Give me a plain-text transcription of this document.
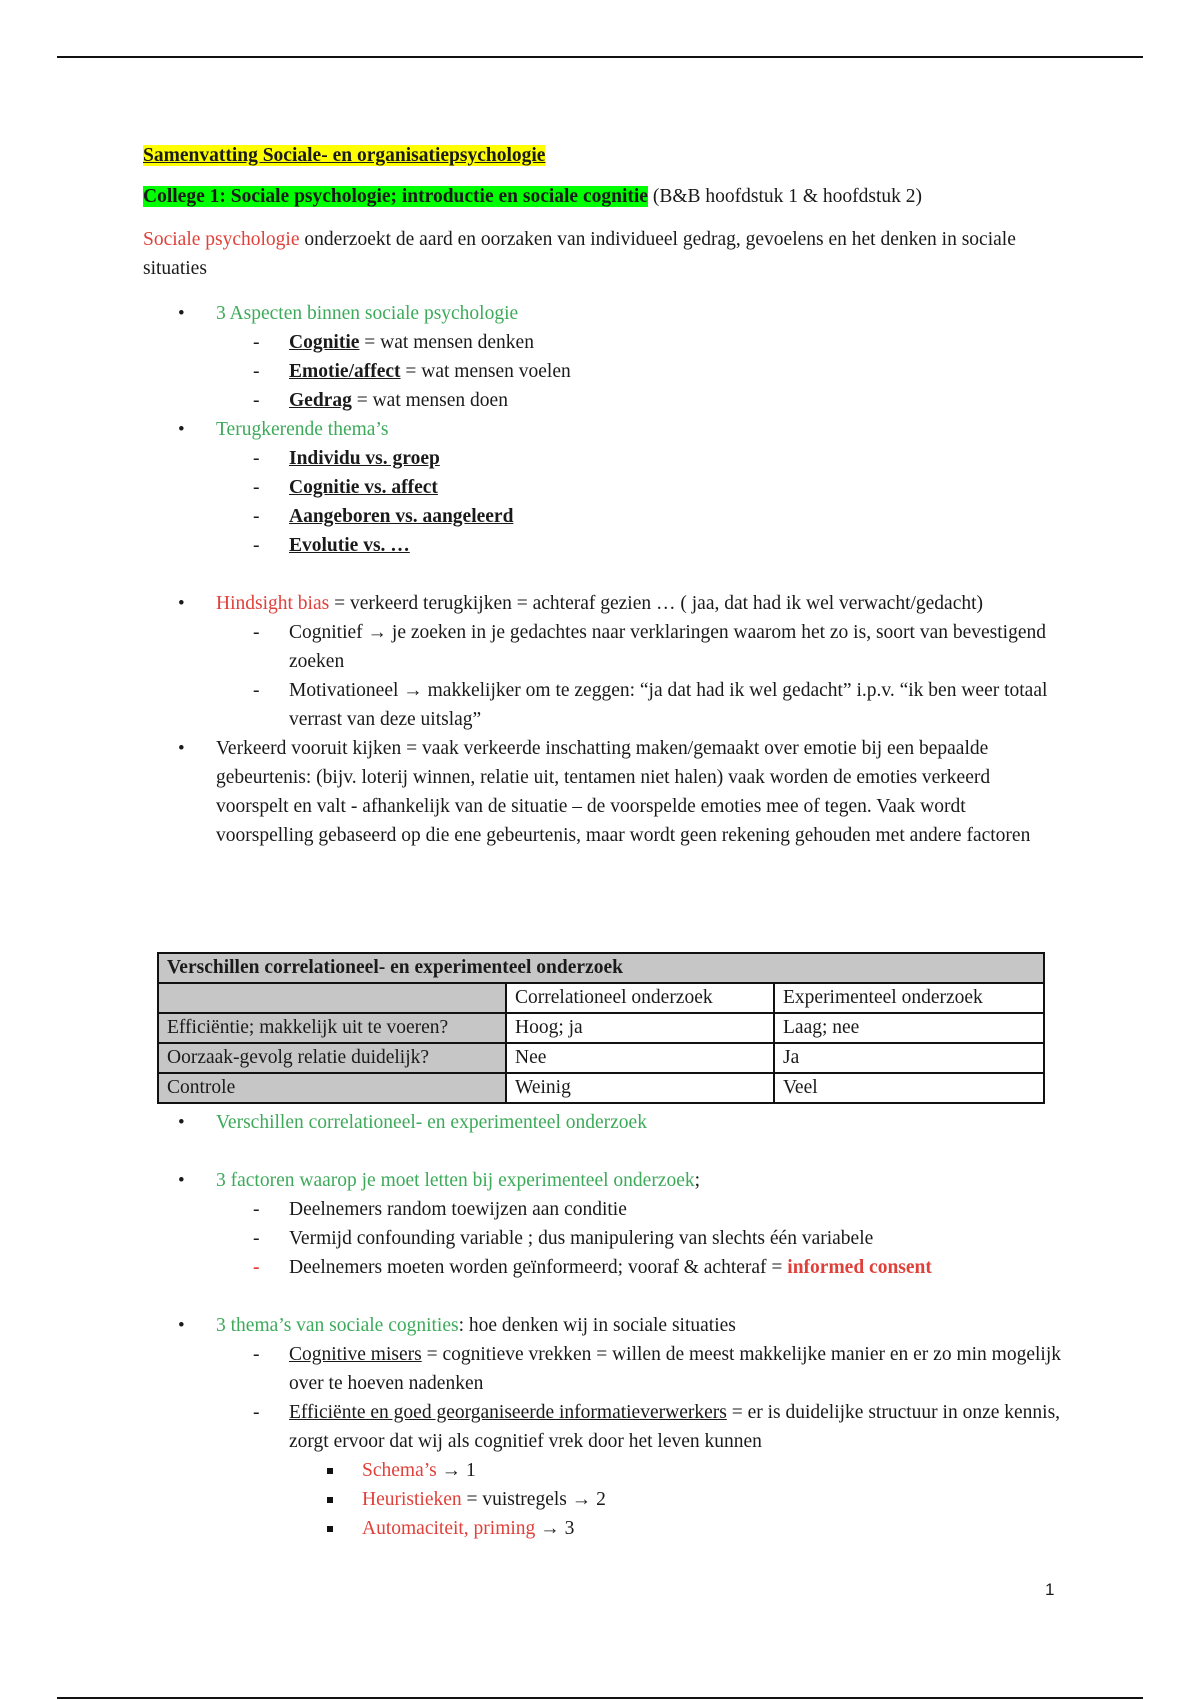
Samenvatting Sociale- en organisatiepsychologie

College 1: Sociale psychologie; introductie en sociale cognitie (B&B hoofdstuk 1 & hoofdstuk 2)

Sociale psychologie onderzoekt de aard en oorzaken van individueel gedrag, gevoelens en het denken in sociale situaties

• 3 Aspecten binnen sociale psychologie
- Cognitie = wat mensen denken
- Emotie/affect = wat mensen voelen
- Gedrag = wat mensen doen
• Terugkerende thema’s
- Individu vs. groep
- Cognitie vs. affect
- Aangeboren vs. aangeleerd
- Evolutie vs. …
• Hindsight bias = verkeerd terugkijken = achteraf gezien … ( jaa, dat had ik wel verwacht/gedacht)
- Cognitief → je zoeken in je gedachtes naar verklaringen waarom het zo is, soort van bevestigend zoeken
- Motivationeel → makkelijker om te zeggen: “ja dat had ik wel gedacht” i.p.v. “ik ben weer totaal verrast van deze uitslag”
• Verkeerd vooruit kijken = vaak verkeerde inschatting maken/gemaakt over emotie bij een bepaalde gebeurtenis: (bijv. loterij winnen, relatie uit, tentamen niet halen) vaak worden de emoties verkeerd voorspelt en valt - afhankelijk van de situatie – de voorspelde emoties mee of tegen. Vaak wordt voorspelling gebaseerd op die ene gebeurtenis, maar wordt geen rekening gehouden met andere factoren
Verschillen correlationeel- en experimenteel onderzoek		
	Correlationeel onderzoek	Experimenteel onderzoek
Efficiëntie; makkelijk uit te voeren?	Hoog; ja	Laag; nee
Oorzaak-gevolg relatie duidelijk?	Nee	Ja
Controle	Weinig	Veel
• Verschillen correlationeel- en experimenteel onderzoek
• 3 factoren waarop je moet letten bij experimenteel onderzoek;
- Deelnemers random toewijzen aan conditie
- Vermijd confounding variable ; dus manipulering van slechts één variabele
- Deelnemers moeten worden geïnformeerd; vooraf & achteraf = informed consent
• 3 thema’s van sociale cognities: hoe denken wij in sociale situaties
- Cognitive misers = cognitieve vrekken = willen de meest makkelijke manier en er zo min mogelijk over te hoeven nadenken
- Efficiënte en goed georganiseerde informatieverwerkers = er is duidelijke structuur in onze kennis, zorgt ervoor dat wij als cognitief vrek door het leven kunnen
Schema’s → 1
Heuristieken = vuistregels → 2
Automaciteit, priming → 3
1
